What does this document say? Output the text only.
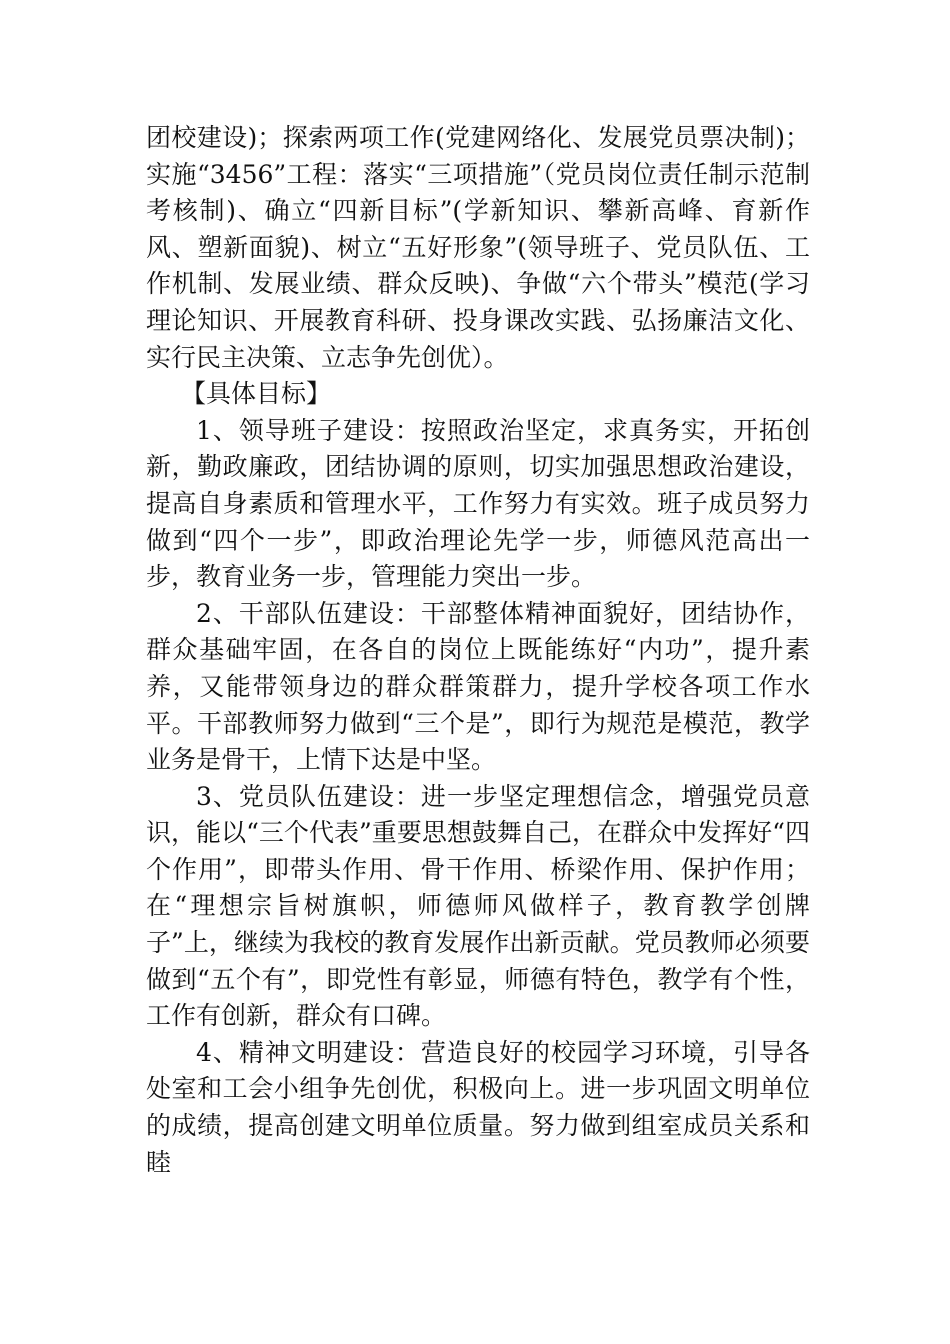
团校建设)；探索两项工作(党建网络化、发展党员票决制)；实施“3456”工程：落实“三项措施”（党员岗位责任制示范制考核制)、确立“四新目标”(学新知识、攀新高峰、育新作风、塑新面貌)、树立“五好形象”(领导班子、党员队伍、工作机制、发展业绩、群众反映)、争做“六个带头”模范(学习理论知识、开展教育科研、投身课改实践、弘扬廉洁文化、实行民主决策、立志争先创优）。

【具体目标】

1、领导班子建设：按照政治坚定，求真务实，开拓创新，勤政廉政，团结协调的原则，切实加强思想政治建设，提高自身素质和管理水平，工作努力有实效。班子成员努力做到“四个一步”，即政治理论先学一步，师德风范高出一步，教育业务一步，管理能力突出一步。

2、干部队伍建设：干部整体精神面貌好，团结协作，群众基础牢固，在各自的岗位上既能练好“内功”，提升素养，又能带领身边的群众群策群力，提升学校各项工作水平。干部教师努力做到“三个是”，即行为规范是模范，教学业务是骨干，上情下达是中坚。

3、党员队伍建设：进一步坚定理想信念，增强党员意识，能以“三个代表”重要思想鼓舞自己，在群众中发挥好“四个作用”，即带头作用、骨干作用、桥梁作用、保护作用；在“理想宗旨树旗帜，师德师风做样子，教育教学创牌子”上，继续为我校的教育发展作出新贡献。党员教师必须要做到“五个有”，即党性有彰显，师德有特色，教学有个性，工作有创新，群众有口碑。

4、精神文明建设：营造良好的校园学习环境，引导各处室和工会小组争先创优，积极向上。进一步巩固文明单位的成绩，提高创建文明单位质量。努力做到组室成员关系和睦
